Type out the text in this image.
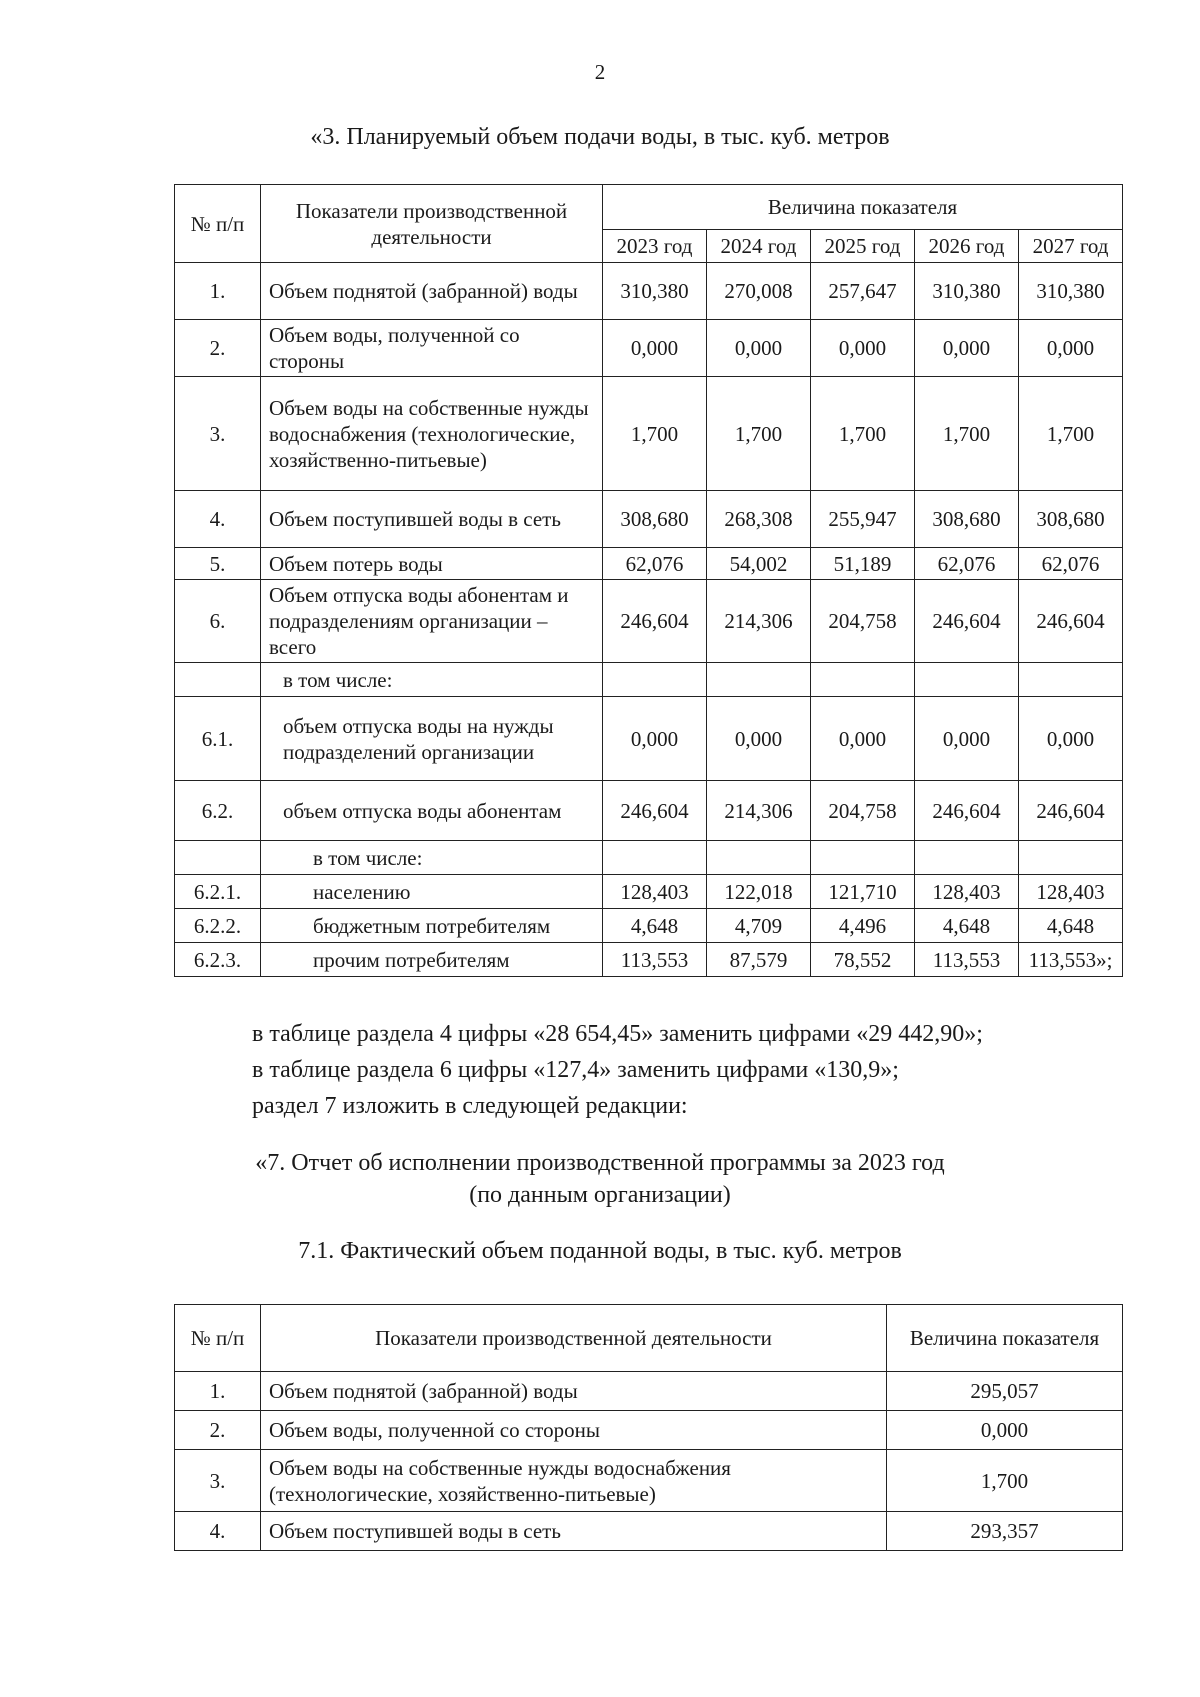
2
«3. Планируемый объем подачи воды, в тыс. куб. метров
№ п/п	Показатели производственной деятельности	Величина показателя				
		2023 год	2024 год	2025 год	2026 год	2027 год
1.	Объем поднятой (забранной) воды	310,380	270,008	257,647	310,380	310,380
2.	Объем воды, полученной со стороны	0,000	0,000	0,000	0,000	0,000
3.	Объем воды на собственные нужды водоснабжения (технологические, хозяйственно-питьевые)	1,700	1,700	1,700	1,700	1,700
4.	Объем поступившей воды в сеть	308,680	268,308	255,947	308,680	308,680
5.	Объем потерь воды	62,076	54,002	51,189	62,076	62,076
6.	Объем отпуска воды абонентам и подразделениям организации – всего	246,604	214,306	204,758	246,604	246,604
	в том числе:					
6.1.	объем отпуска воды на нужды подразделений организации	0,000	0,000	0,000	0,000	0,000
6.2.	объем отпуска воды абонентам	246,604	214,306	204,758	246,604	246,604
	в том числе:					
6.2.1.	населению	128,403	122,018	121,710	128,403	128,403
6.2.2.	бюджетным потребителям	4,648	4,709	4,496	4,648	4,648
6.2.3.	прочим потребителям	113,553	87,579	78,552	113,553	113,553»;
в таблице раздела 4 цифры «28 654,45» заменить цифрами «29 442,90»;
в таблице раздела 6 цифры «127,4» заменить цифрами «130,9»;
раздел 7 изложить в следующей редакции:
«7. Отчет об исполнении производственной программы за 2023 год
(по данным организации)
7.1. Фактический объем поданной воды, в тыс. куб. метров
№ п/п	Показатели производственной деятельности	Величина показателя
1.	Объем поднятой (забранной) воды	295,057
2.	Объем воды, полученной со стороны	0,000
3.	Объем воды на собственные нужды водоснабжения (технологические, хозяйственно-питьевые)	1,700
4.	Объем поступившей воды в сеть	293,357
